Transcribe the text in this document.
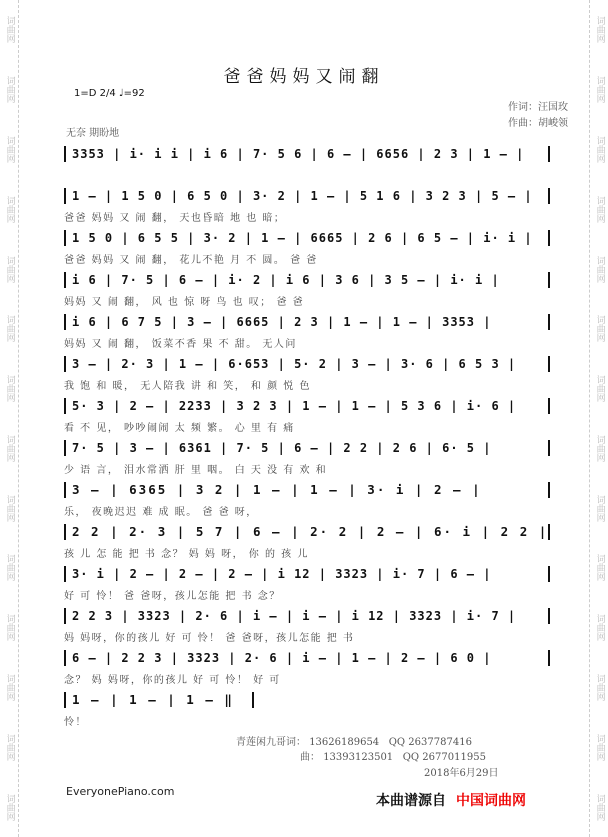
词曲网
词曲网
词曲网
词曲网
词曲网
词曲网
词曲网
词曲网
词曲网
词曲网
词曲网
词曲网
词曲网
词曲网
词曲网
词曲网
词曲网
词曲网
词曲网
词曲网
词曲网
词曲网
词曲网
词曲网
词曲网
词曲网
词曲网
词曲网
爸爸妈妈又闹翻
作词：汪国玫
作曲：胡峻领
1=D 2/4 ♩=92
无奈 期盼地
3353 | i· i i | i 6 | 7· 5 6 | 6 – | 6656 | 2 3 | 1 – |
1 – | 1 5 0 | 6 5 0 | 3· 2 | 1 – | 5 1 6 | 3 2 3 | 5 – |
爸爸 妈妈 又 闹 翻， 天也昏暗 地 也 暗；
1 5 0 | 6 5 5 | 3· 2 | 1 – | 6665 | 2 6 | 6 5 – | i· i |
爸爸 妈妈 又 闹 翻， 花儿不艳 月 不 圆。 爸 爸
i 6 | 7· 5 | 6 – | i· 2 | i 6 | 3 6 | 3 5 – | i· i |
妈妈 又 闹 翻， 风 也 惊 呀 鸟 也 叹； 爸 爸
i 6 | 6 7 5 | 3 – | 6665 | 2 3 | 1 – | 1 – | 3353 |
妈妈 又 闹 翻， 饭菜不香 果 不 甜。 无人问
3 – | 2· 3 | 1 – | 6·653 | 5· 2 | 3 – | 3· 6 | 6 5 3 |
我 饱 和 暖， 无人陪我 讲 和 笑， 和 颜 悦 色
5· 3 | 2 – | 2233 | 3 2 3 | 1 – | 1 – | 5 3 6 | i· 6 |
看 不 见， 吵吵闹闹 太 频 繁。 心 里 有 痛
7· 5 | 3 – | 6361 | 7· 5 | 6 – | 2 2 | 2 6 | 6· 5 |
少 语 言， 泪水常洒 肝 里 咽。 白 天 没 有 欢 和
3 – | 6365 | 3 2 | 1 – | 1 – | 3· i | 2 – |
乐， 夜晚迟迟 难 成 眠。 爸 爸 呀，
2 2 | 2· 3 | 5 7 | 6 – | 2· 2 | 2 – | 6· i | 2 2 |
孩 儿 怎 能 把 书 念？ 妈 妈 呀， 你 的 孩 儿
3· i | 2 – | 2 – | 2 – | i 12 | 3323 | i· 7 | 6 – |
好 可 怜！ 爸 爸呀，孩儿怎能 把 书 念？
2 2 3 | 3323 | 2· 6 | i – | i – | i 12 | 3323 | i· 7 |
妈 妈呀，你的孩儿 好 可 怜！ 爸 爸呀，孩儿怎能 把 书
6 – | 2 2 3 | 3323 | 2· 6 | i – | 1 – | 2 – | 6 0 |
念？ 妈 妈呀，你的孩儿 好 可 怜！ 好 可
1 – | 1 – | 1 – ‖
怜！
青莲闲九哥词： 13626189654 QQ 2637787416
曲： 13393123501 QQ 2677011955
2018年6月29日
EveryonePiano.com
本曲谱源自 中国词曲网
